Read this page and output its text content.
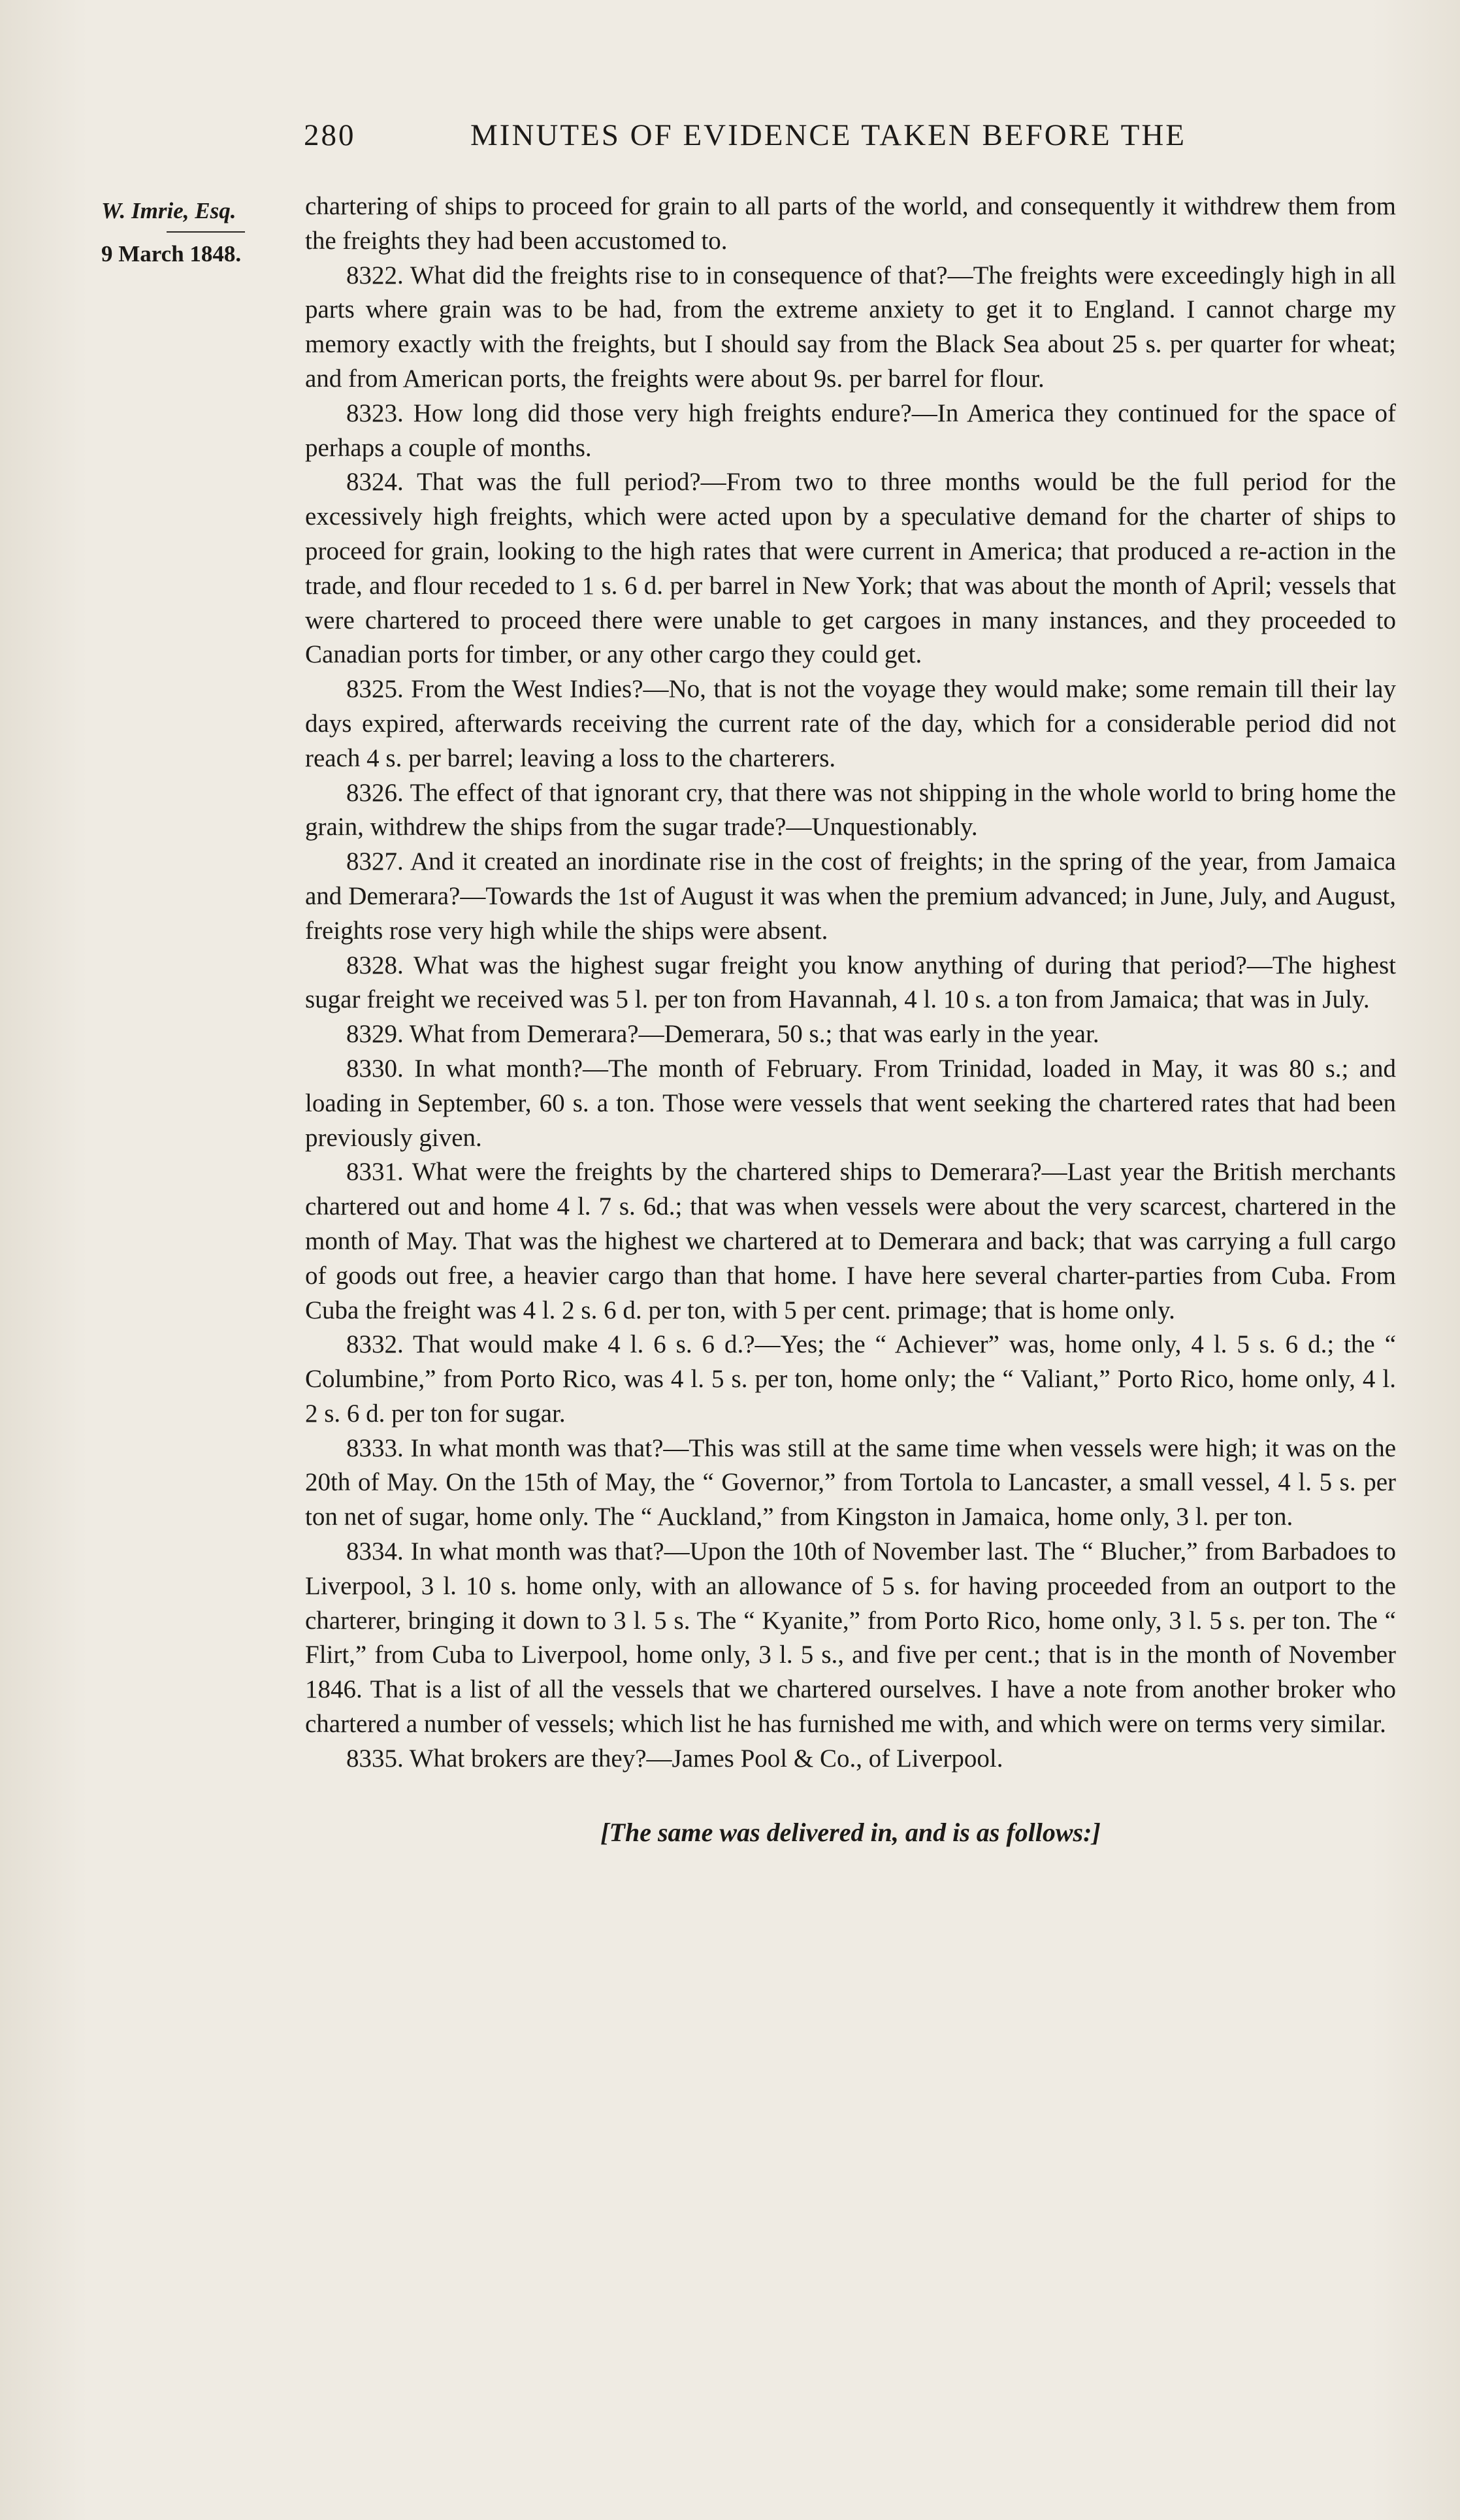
280	MINUTES OF EVIDENCE TAKEN BEFORE THE
W. Imrie, Esq.
9 March 1848.

chartering of ships to proceed for grain to all parts of the world, and consequently it withdrew them from the freights they had been accustomed to.

8322. What did the freights rise to in consequence of that?—The freights were exceedingly high in all parts where grain was to be had, from the extreme anxiety to get it to England. I cannot charge my memory exactly with the freights, but I should say from the Black Sea about 25 s. per quarter for wheat; and from American ports, the freights were about 9s. per barrel for flour.

8323. How long did those very high freights endure?—In America they continued for the space of perhaps a couple of months.

8324. That was the full period?—From two to three months would be the full period for the excessively high freights, which were acted upon by a speculative demand for the charter of ships to proceed for grain, looking to the high rates that were current in America; that produced a re-action in the trade, and flour receded to 1 s. 6 d. per barrel in New York; that was about the month of April; vessels that were chartered to proceed there were unable to get cargoes in many instances, and they proceeded to Canadian ports for timber, or any other cargo they could get.

8325. From the West Indies?—No, that is not the voyage they would make; some remain till their lay days expired, afterwards receiving the current rate of the day, which for a considerable period did not reach 4 s. per barrel; leaving a loss to the charterers.

8326. The effect of that ignorant cry, that there was not shipping in the whole world to bring home the grain, withdrew the ships from the sugar trade?—Unquestionably.

8327. And it created an inordinate rise in the cost of freights; in the spring of the year, from Jamaica and Demerara?—Towards the 1st of August it was when the premium advanced; in June, July, and August, freights rose very high while the ships were absent.

8328. What was the highest sugar freight you know anything of during that period?—The highest sugar freight we received was 5 l. per ton from Havannah, 4 l. 10 s. a ton from Jamaica; that was in July.

8329. What from Demerara?—Demerara, 50 s.; that was early in the year.

8330. In what month?—The month of February. From Trinidad, loaded in May, it was 80 s.; and loading in September, 60 s. a ton. Those were vessels that went seeking the chartered rates that had been previously given.

8331. What were the freights by the chartered ships to Demerara?—Last year the British merchants chartered out and home 4 l. 7 s. 6d.; that was when vessels were about the very scarcest, chartered in the month of May. That was the highest we chartered at to Demerara and back; that was carrying a full cargo of goods out free, a heavier cargo than that home. I have here several charter-parties from Cuba. From Cuba the freight was 4 l. 2 s. 6 d. per ton, with 5 per cent. primage; that is home only.

8332. That would make 4 l. 6 s. 6 d.?—Yes; the “ Achiever” was, home only, 4 l. 5 s. 6 d.; the “ Columbine,” from Porto Rico, was 4 l. 5 s. per ton, home only; the “ Valiant,” Porto Rico, home only, 4 l. 2 s. 6 d. per ton for sugar.

8333. In what month was that?—This was still at the same time when vessels were high; it was on the 20th of May. On the 15th of May, the “ Governor,” from Tortola to Lancaster, a small vessel, 4 l. 5 s. per ton net of sugar, home only. The “ Auckland,” from Kingston in Jamaica, home only, 3 l. per ton.

8334. In what month was that?—Upon the 10th of November last. The “ Blucher,” from Barbadoes to Liverpool, 3 l. 10 s. home only, with an allowance of 5 s. for having proceeded from an outport to the charterer, bringing it down to 3 l. 5 s. The “ Kyanite,” from Porto Rico, home only, 3 l. 5 s. per ton. The “ Flirt,” from Cuba to Liverpool, home only, 3 l. 5 s., and five per cent.; that is in the month of November 1846. That is a list of all the vessels that we chartered ourselves. I have a note from another broker who chartered a number of vessels; which list he has furnished me with, and which were on terms very similar.

8335. What brokers are they?—James Pool & Co., of Liverpool.

[The same was delivered in, and is as follows:]
